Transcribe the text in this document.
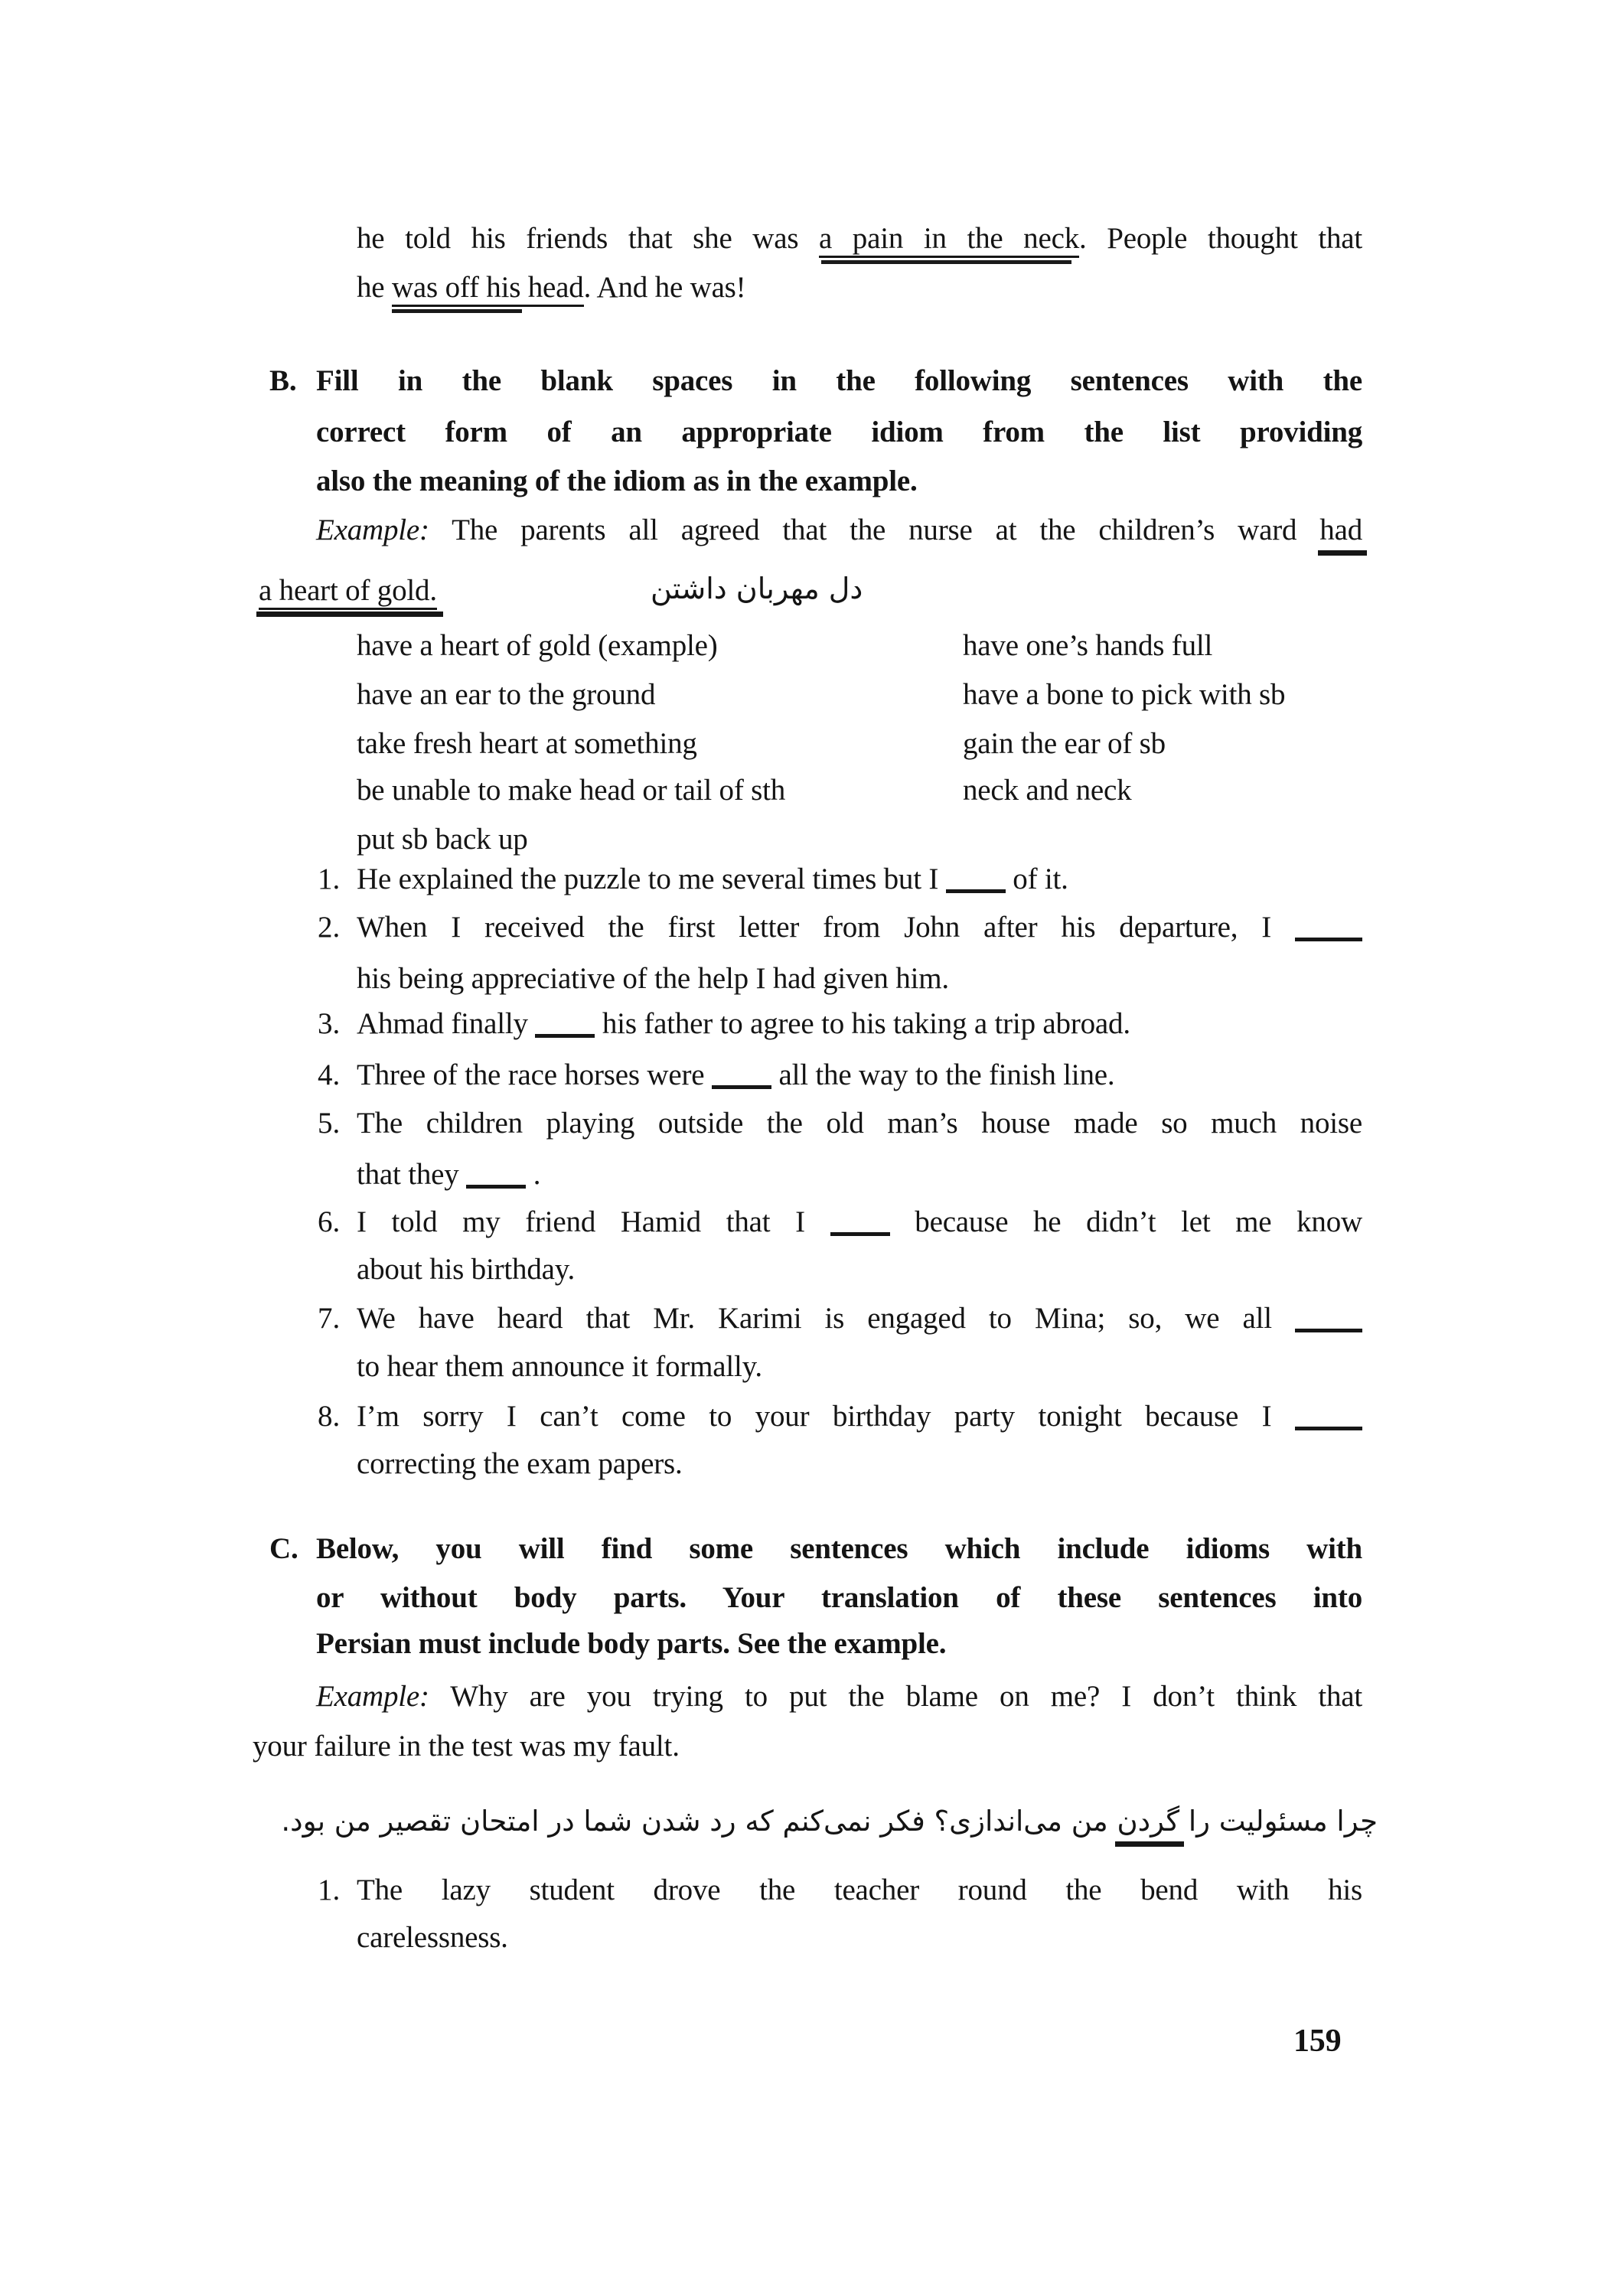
he told his friends that she was a pain in the neck. People thought that
he was off his head. And he was!
B. Fill in the blank spaces in the following sentences with the
correct form of an appropriate idiom from the list providing
also the meaning of the idiom as in the example.
Example: The parents all agreed that the nurse at the children’s ward had
a heart of gold.	دل مهربان داشتن
have a heart of gold (example)
have an ear to the ground
take fresh heart at something
be unable to make head or tail of sth
put sb back up
have one’s hands full
have a bone to pick with sb
gain the ear of sb
neck and neck
1. He explained the puzzle to me several times but I  of it.
2. When I received the first letter from John after his departure, I
his being appreciative of the help I had given him.
3. Ahmad finally  his father to agree to his taking a trip abroad.
4. Three of the race horses were  all the way to the finish line.
5. The children playing outside the old man’s house made so much noise
that they  .
6. I told my friend Hamid that I  because he didn’t let me know
about his birthday.
7. We have heard that Mr. Karimi is engaged to Mina; so, we all
to hear them announce it formally.
8. I’m sorry I can’t come to your birthday party tonight because I
correcting the exam papers.
C. Below, you will find some sentences which include idioms with
or without body parts. Your translation of these sentences into
Persian must include body parts. See the example.
Example: Why are you trying to put the blame on me? I don’t think that
your failure in the test was my fault.
چرا مسئولیت را گردن من می‌اندازی؟ فکر نمی‌کنم که رد شدن شما در امتحان تقصیر من بود.
1. The lazy student drove the teacher round the bend with his
carelessness.
159
